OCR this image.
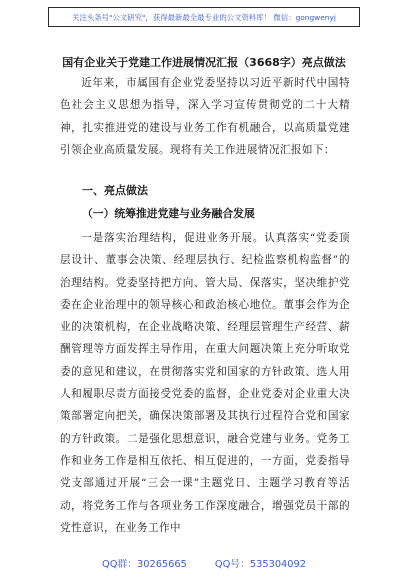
关注头条号"公文研究"，获得最新最全最专业的公文资料库！ 微信：gongwenyj
国有企业关于党建工作进展情况汇报（3668字）亮点做法

近年来，市属国有企业党委坚持以习近平新时代中国特色社会主义思想为指导，深入学习宣传贯彻党的二十大精神，扎实推进党的建设与业务工作有机融合，以高质量党建引领企业高质量发展。现将有关工作进展情况汇报如下：

一、亮点做法
（一）统筹推进党建与业务融合发展

一是落实治理结构，促进业务开展。认真落实“党委顶层设计、董事会决策、经理层执行、纪检监察机构监督”的治理结构。党委坚持把方向、管大局、保落实，坚决维护党委在企业治理中的领导核心和政治核心地位。董事会作为企业的决策机构，在企业战略决策、经理层管理生产经营、薪酬管理等方面发挥主导作用，在重大问题决策上充分听取党委的意见和建议，在贯彻落实党和国家的方针政策、选人用人和履职尽责方面接受党委的监督，企业党委对企业重大决策部署定向把关，确保决策部署及其执行过程符合党和国家的方针政策。二是强化思想意识，融合党建与业务。党务工作和业务工作是相互依托、相互促进的，一方面，党委指导党支部通过开展“三会一课”主题党日、主题学习教育等活动，将党务工作与各项业务工作深度融合，增强党员干部的党性意识，在业务工作中

QQ群：30265665	QQ号：535304092
